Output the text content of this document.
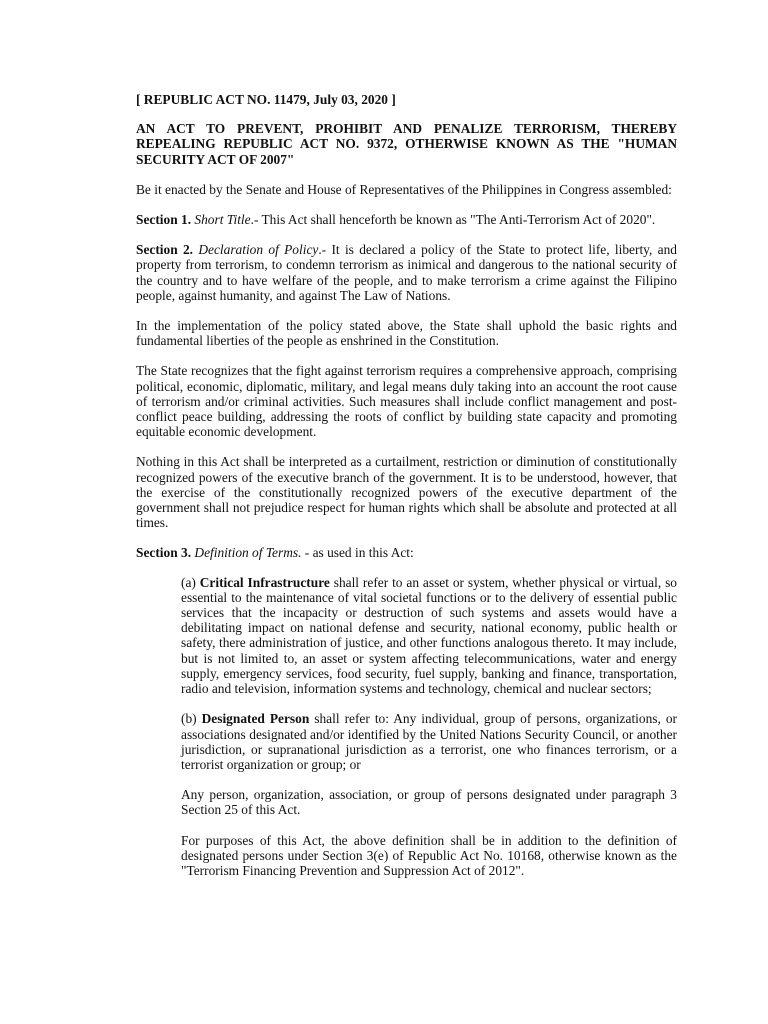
[ REPUBLIC ACT NO. 11479, July 03, 2020 ]
AN ACT TO PREVENT, PROHIBIT AND PENALIZE TERRORISM, THEREBY REPEALING REPUBLIC ACT NO. 9372, OTHERWISE KNOWN AS THE "HUMAN SECURITY ACT OF 2007"

Be it enacted by the Senate and House of Representatives of the Philippines in Congress assembled:

Section 1. Short Title.- This Act shall henceforth be known as "The Anti-Terrorism Act of 2020".

Section 2. Declaration of Policy.- It is declared a policy of the State to protect life, liberty, and property from terrorism, to condemn terrorism as inimical and dangerous to the national security of the country and to have welfare of the people, and to make terrorism a crime against the Filipino people, against humanity, and against The Law of Nations.

In the implementation of the policy stated above, the State shall uphold the basic rights and fundamental liberties of the people as enshrined in the Constitution.

The State recognizes that the fight against terrorism requires a comprehensive approach, comprising political, economic, diplomatic, military, and legal means duly taking into an account the root cause of terrorism and/or criminal activities. Such measures shall include conflict management and post-conflict peace building, addressing the roots of conflict by building state capacity and promoting equitable economic development.

Nothing in this Act shall be interpreted as a curtailment, restriction or diminution of constitutionally recognized powers of the executive branch of the government. It is to be understood, however, that the exercise of the constitutionally recognized powers of the executive department of the government shall not prejudice respect for human rights which shall be absolute and protected at all times.

Section 3. Definition of Terms. - as used in this Act:

(a) Critical Infrastructure shall refer to an asset or system, whether physical or virtual, so essential to the maintenance of vital societal functions or to the delivery of essential public services that the incapacity or destruction of such systems and assets would have a debilitating impact on national defense and security, national economy, public health or safety, there administration of justice, and other functions analogous thereto. It may include, but is not limited to, an asset or system affecting telecommunications, water and energy supply, emergency services, food security, fuel supply, banking and finance, transportation, radio and television, information systems and technology, chemical and nuclear sectors;

(b) Designated Person shall refer to: Any individual, group of persons, organizations, or associations designated and/or identified by the United Nations Security Council, or another jurisdiction, or supranational jurisdiction as a terrorist, one who finances terrorism, or a terrorist organization or group; or

Any person, organization, association, or group of persons designated under paragraph 3 Section 25 of this Act.

For purposes of this Act, the above definition shall be in addition to the definition of designated persons under Section 3(e) of Republic Act No. 10168, otherwise known as the "Terrorism Financing Prevention and Suppression Act of 2012".
